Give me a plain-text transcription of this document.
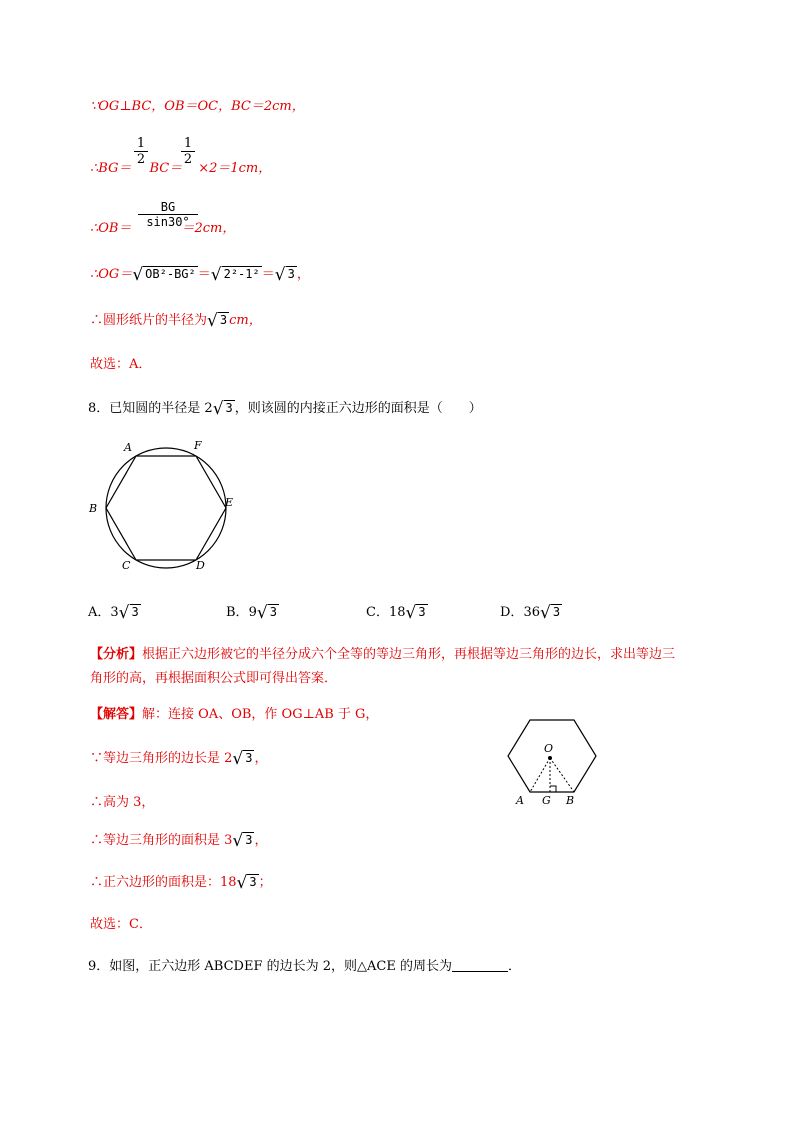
∵OG⊥BC，OB＝OC，BC＝2cm，
∴BG＝ BC＝ ×2＝1cm，
$\frac{1}{2}$	$\frac{1}{2}$
∴OB＝	＝2cm，
$\frac{BG}{\sin 30^\circ}$
∴OG＝√ OB²-BG² ＝√ 2²-1² ＝√ 3 ，
∴圆形纸片的半径为√ 3 cm，
故选：A．
8．已知圆的半径是 2√ 3 ，则该圆的内接正六边形的面积是（　　）
A	F
B	E
C	D
A．3√ 3	B．9√ 3	C．18√ 3	D．36√ 3
【分析】根据正六边形被它的半径分成六个全等的等边三角形，再根据等边三角形的边长，求出等边三
角形的高，再根据面积公式即可得出答案．
【解答】解：连接 OA、OB，作 OG⊥AB 于 G，
∵等边三角形的边长是 2√ 3 ，
∴高为 3，
∴等边三角形的面积是 3√ 3 ，
∴正六边形的面积是：18√ 3 ；
故选：C．
O
A G B
9．如图，正六边形 ABCDEF 的边长为 2，则△ACE 的周长为	．
